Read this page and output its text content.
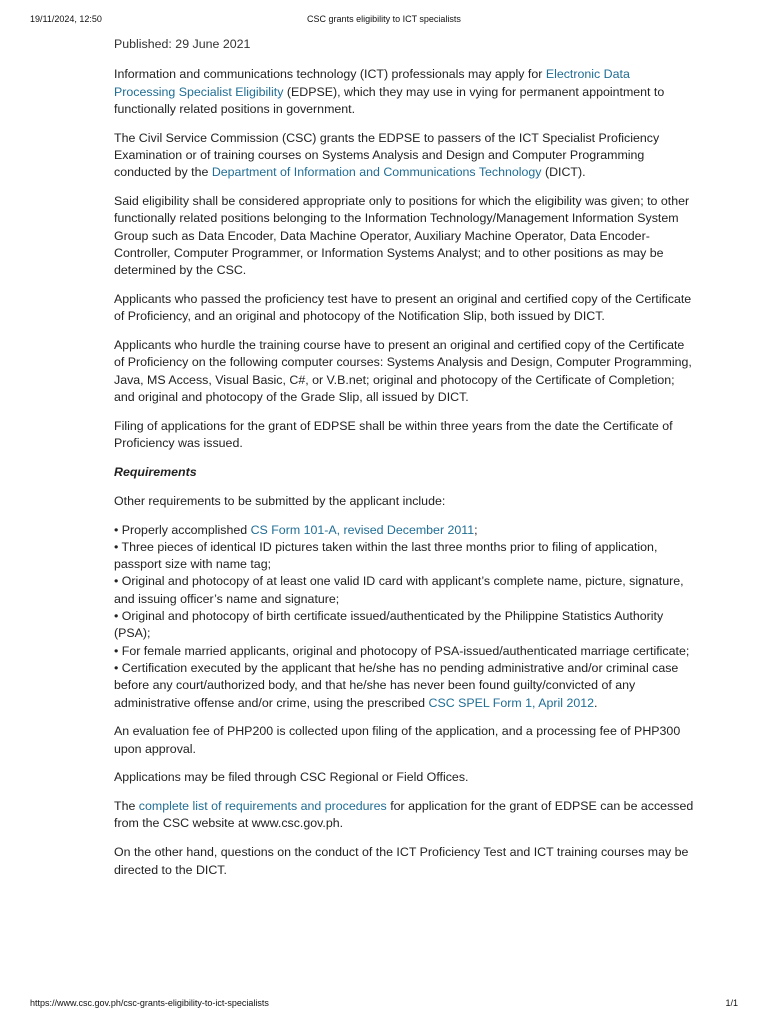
19/11/2024, 12:50	CSC grants eligibility to ICT specialists

Published: 29 June 2021

Information and communications technology (ICT) professionals may apply for Electronic Data Processing Specialist Eligibility (EDPSE), which they may use in vying for permanent appointment to functionally related positions in government.

The Civil Service Commission (CSC) grants the EDPSE to passers of the ICT Specialist Proficiency Examination or of training courses on Systems Analysis and Design and Computer Programming conducted by the Department of Information and Communications Technology (DICT).

Said eligibility shall be considered appropriate only to positions for which the eligibility was given; to other functionally related positions belonging to the Information Technology/Management Information System Group such as Data Encoder, Data Machine Operator, Auxiliary Machine Operator, Data Encoder-Controller, Computer Programmer, or Information Systems Analyst; and to other positions as may be determined by the CSC.

Applicants who passed the proficiency test have to present an original and certified copy of the Certificate of Proficiency, and an original and photocopy of the Notification Slip, both issued by DICT.

Applicants who hurdle the training course have to present an original and certified copy of the Certificate of Proficiency on the following computer courses: Systems Analysis and Design, Computer Programming, Java, MS Access, Visual Basic, C#, or V.B.net; original and photocopy of the Certificate of Completion; and original and photocopy of the Grade Slip, all issued by DICT.

Filing of applications for the grant of EDPSE shall be within three years from the date the Certificate of Proficiency was issued.

Requirements

Other requirements to be submitted by the applicant include:

• Properly accomplished CS Form 101-A, revised December 2011;
• Three pieces of identical ID pictures taken within the last three months prior to filing of application, passport size with name tag;
• Original and photocopy of at least one valid ID card with applicant’s complete name, picture, signature, and issuing officer’s name and signature;
• Original and photocopy of birth certificate issued/authenticated by the Philippine Statistics Authority (PSA);
• For female married applicants, original and photocopy of PSA-issued/authenticated marriage certificate;
• Certification executed by the applicant that he/she has no pending administrative and/or criminal case before any court/authorized body, and that he/she has never been found guilty/convicted of any administrative offense and/or crime, using the prescribed CSC SPEL Form 1, April 2012.

An evaluation fee of PHP200 is collected upon filing of the application, and a processing fee of PHP300 upon approval.

Applications may be filed through CSC Regional or Field Offices.

The complete list of requirements and procedures for application for the grant of EDPSE can be accessed from the CSC website at www.csc.gov.ph.

On the other hand, questions on the conduct of the ICT Proficiency Test and ICT training courses may be directed to the DICT.

https://www.csc.gov.ph/csc-grants-eligibility-to-ict-specialists	1/1
